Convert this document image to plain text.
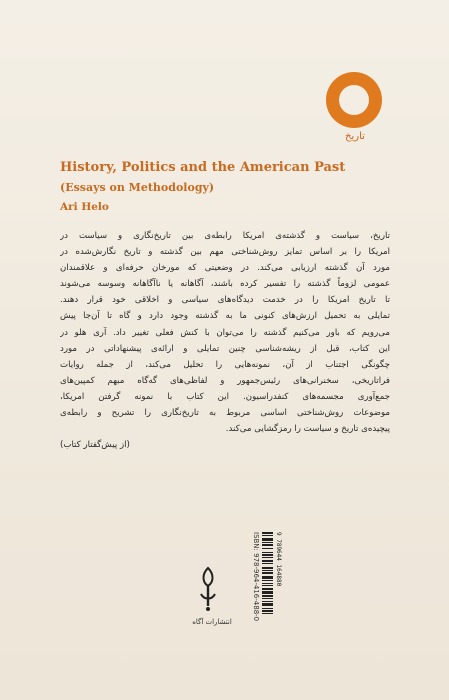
تاریخ
History, Politics and the American Past
(Essays on Methodology)
Ari Helo
تاریخ، سیاست و گذشته‌ی امریکا رابطه‌ی بین تاریخ‌نگاری و سیاست در
امریکا را بر اساس تمایز روش‌شناختی مهم بین گذشته و تاریخ نگارش‌شده در
مورد آن گذشته ارزیابی می‌کند. در وضعیتی که مورخان حرفه‌ای و علاقمندان
عمومی لزوماً گذشته را تفسیر کرده باشند، آگاهانه یا ناآگاهانه وسوسه می‌شوند
تا تاریخ امریکا را در خدمت دیدگاه‌های سیاسی و اخلاقی خود قرار دهند.
تمایلی به تحمیل ارزش‌های کنونی ما به گذشته وجود دارد و گاه تا آن‌جا پیش
می‌رویم که باور می‌کنیم گذشته را می‌توان با کنش فعلی تغییر داد. آری هلو در
این کتاب، قبل از ریشه‌شناسی چنین تمایلی و ارائه‌ی پیشنهاداتی در مورد
چگونگی اجتناب از آن، نمونه‌هایی را تحلیل می‌کند، از جمله روایات
فراتاریخی، سخنرانی‌های رئیس‌جمهور و لفاظی‌های گه‌گاه مبهم کمپین‌های
جمع‌آوری مجسمه‌های کنفدراسیون. این کتاب با نمونه گرفتن امریکا،
موضوعات روش‌شناختی اساسی مربوط به تاریخ‌نگاری را تشریح و رابطه‌ی
پیچیده‌ی تاریخ و سیاست را رمزگشایی می‌کند.
(از پیش‌گفتار کتاب)
انتشارات آگاه
ISBN: 978-964-416-488-0	9 789644 164880
